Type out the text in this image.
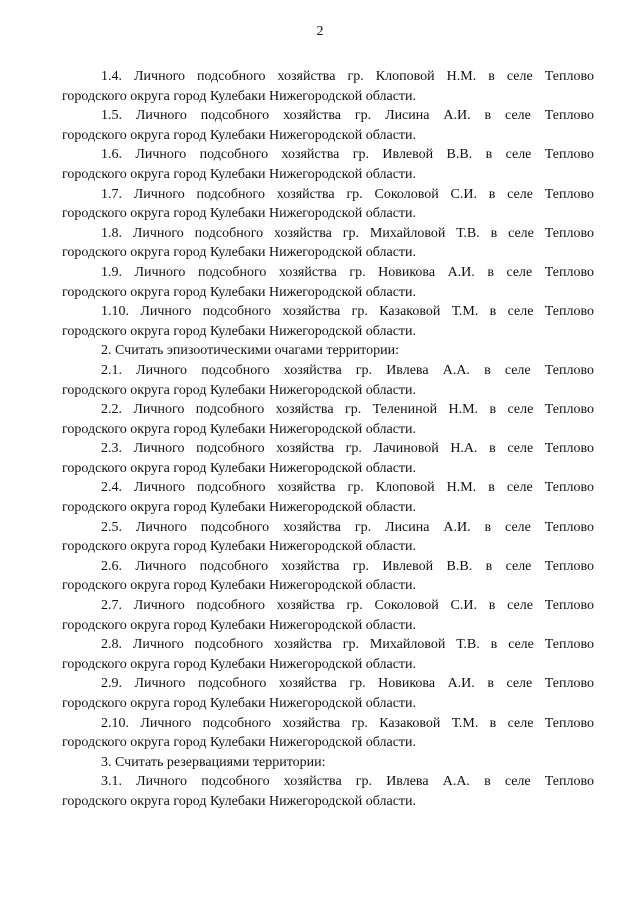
2
1.4. Личного подсобного хозяйства гр. Клоповой Н.М. в селе Теплово
городского округа город Кулебаки Нижегородской области.
1.5. Личного подсобного хозяйства гр. Лисина А.И. в селе Теплово
городского округа город Кулебаки Нижегородской области.
1.6. Личного подсобного хозяйства гр. Ивлевой В.В. в селе Теплово
городского округа город Кулебаки Нижегородской области.
1.7. Личного подсобного хозяйства гр. Соколовой С.И. в селе Теплово
городского округа город Кулебаки Нижегородской области.
1.8. Личного подсобного хозяйства гр. Михайловой Т.В. в селе Теплово
городского округа город Кулебаки Нижегородской области.
1.9. Личного подсобного хозяйства гр. Новикова А.И. в селе Теплово
городского округа город Кулебаки Нижегородской области.
1.10. Личного подсобного хозяйства гр. Казаковой Т.М. в селе Теплово
городского округа город Кулебаки Нижегородской области.
2. Считать эпизоотическими очагами территории:
2.1. Личного подсобного хозяйства гр. Ивлева А.А. в селе Теплово
городского округа город Кулебаки Нижегородской области.
2.2. Личного подсобного хозяйства гр. Телениной Н.М. в селе Теплово
городского округа город Кулебаки Нижегородской области.
2.3. Личного подсобного хозяйства гр. Лачиновой Н.А. в селе Теплово
городского округа город Кулебаки Нижегородской области.
2.4. Личного подсобного хозяйства гр. Клоповой Н.М. в селе Теплово
городского округа город Кулебаки Нижегородской области.
2.5. Личного подсобного хозяйства гр. Лисина А.И. в селе Теплово
городского округа город Кулебаки Нижегородской области.
2.6. Личного подсобного хозяйства гр. Ивлевой В.В. в селе Теплово
городского округа город Кулебаки Нижегородской области.
2.7. Личного подсобного хозяйства гр. Соколовой С.И. в селе Теплово
городского округа город Кулебаки Нижегородской области.
2.8. Личного подсобного хозяйства гр. Михайловой Т.В. в селе Теплово
городского округа город Кулебаки Нижегородской области.
2.9. Личного подсобного хозяйства гр. Новикова А.И. в селе Теплово
городского округа город Кулебаки Нижегородской области.
2.10. Личного подсобного хозяйства гр. Казаковой Т.М. в селе Теплово
городского округа город Кулебаки Нижегородской области.
3. Считать резервациями территории:
3.1. Личного подсобного хозяйства гр. Ивлева А.А. в селе Теплово
городского округа город Кулебаки Нижегородской области.
